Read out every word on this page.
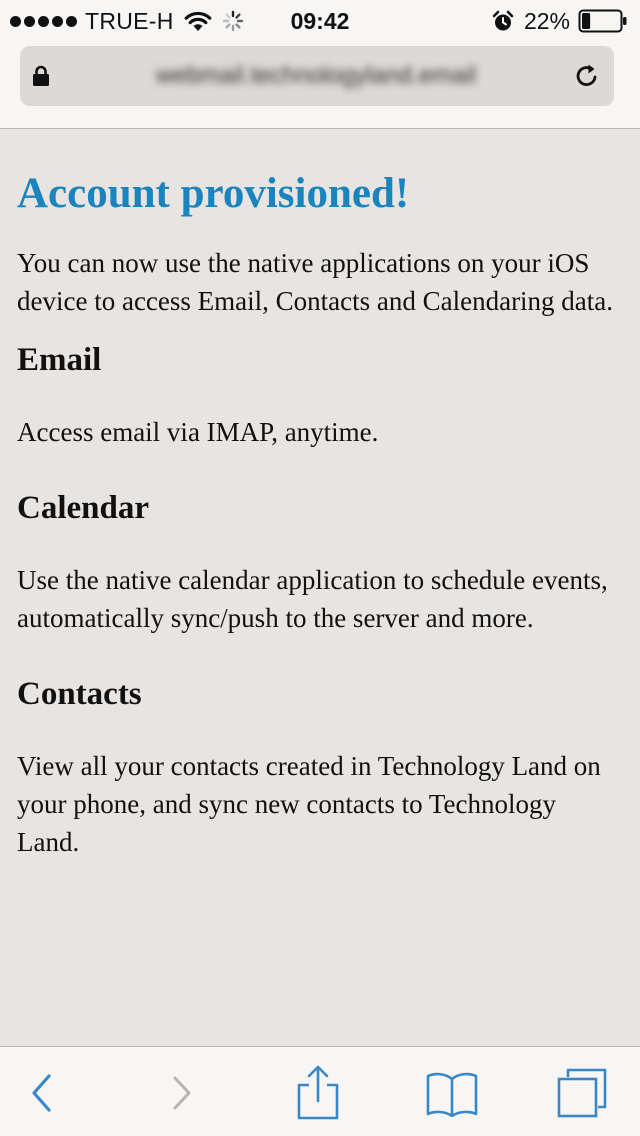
TRUE-H	09:42	22%
webmail.technologyland.email
Account provisioned!

You can now use the native applications on your iOS device to access Email, Contacts and Calendaring data.

Email

Access email via IMAP, anytime.

Calendar

Use the native calendar application to schedule events, automatically sync/push to the server and more.

Contacts

View all your contacts created in Technology Land on your phone, and sync new contacts to Technology Land.
